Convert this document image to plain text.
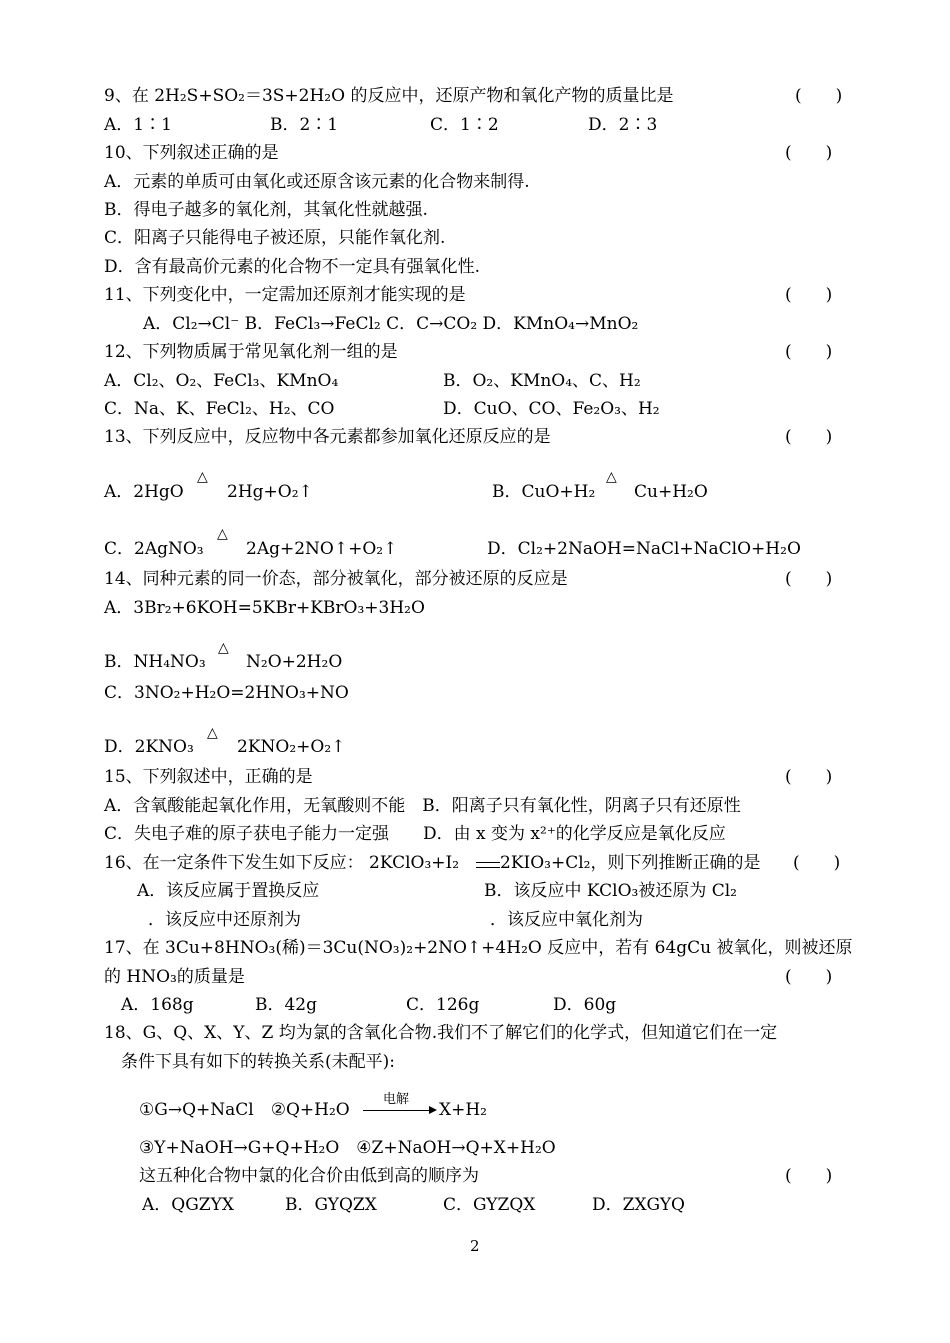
9、在 2H₂S+SO₂＝3S+2H₂O 的反应中，还原产物和氧化产物的质量比是	(　　)
A．1∶1	B．2∶1	C．1∶2	D．2∶3
10、下列叙述正确的是	(　　)
A．元素的单质可由氧化或还原含该元素的化合物来制得.
B．得电子越多的氧化剂，其氧化性就越强.
C．阳离子只能得电子被还原，只能作氧化剂.
D．含有最高价元素的化合物不一定具有强氧化性.
11、下列变化中，一定需加还原剂才能实现的是	(　　)
A．Cl₂→Cl⁻ B．FeCl₃→FeCl₂ C．C→CO₂ D．KMnO₄→MnO₂
12、下列物质属于常见氧化剂一组的是	(　　)
A．Cl₂、O₂、FeCl₃、KMnO₄	B．O₂、KMnO₄、C、H₂
C．Na、K、FeCl₂、H₂、CO	D．CuO、CO、Fe₂O₃、H₂
13、下列反应中，反应物中各元素都参加氧化还原反应的是	(　　)
A．2HgO
△
2Hg+O₂↑	B．CuO+H₂
△
Cu+H₂O
C．2AgNO₃
△
2Ag+2NO↑+O₂↑	D．Cl₂+2NaOH=NaCl+NaClO+H₂O
14、同种元素的同一价态，部分被氧化，部分被还原的反应是	(　　)
A．3Br₂+6KOH=5KBr+KBrO₃+3H₂O
B．NH₄NO₃
△
N₂O+2H₂O
C．3NO₂+H₂O=2HNO₃+NO
D．2KNO₃
△
2KNO₂+O₂↑
15、下列叙述中，正确的是	(　　)
A．含氧酸能起氧化作用，无氧酸则不能　B．阳离子只有氧化性，阴离子只有还原性
C．失电子难的原子获电子能力一定强　　D．由 x 变为 x²⁺的化学反应是氧化反应
16、在一定条件下发生如下反应： 2KClO₃+I₂ 2KIO₃+Cl₂，则下列推断正确的是 (　　)
A．该反应属于置换反应	B．该反应中 KClO₃被还原为 Cl₂
．该反应中还原剂为	．该反应中氧化剂为
17、在 3Cu+8HNO₃(稀)＝3Cu(NO₃)₂+2NO↑+4H₂O 反应中，若有 64gCu 被氧化，则被还原
的 HNO₃的质量是	(　　)
A．168g	B．42g	C．126g	D．60g
18、G、Q、X、Y、Z 均为氯的含氧化合物.我们不了解它们的化学式，但知道它们在一定
条件下具有如下的转换关系(未配平):
①G→Q+NaCl　②Q+H₂O
电解
X+H₂
③Y+NaOH→G+Q+H₂O　④Z+NaOH→Q+X+H₂O
这五种化合物中氯的化合价由低到高的顺序为	(　　)
A．QGZYX	B．GYQZX	C．GYZQX	D．ZXGYQ
2
